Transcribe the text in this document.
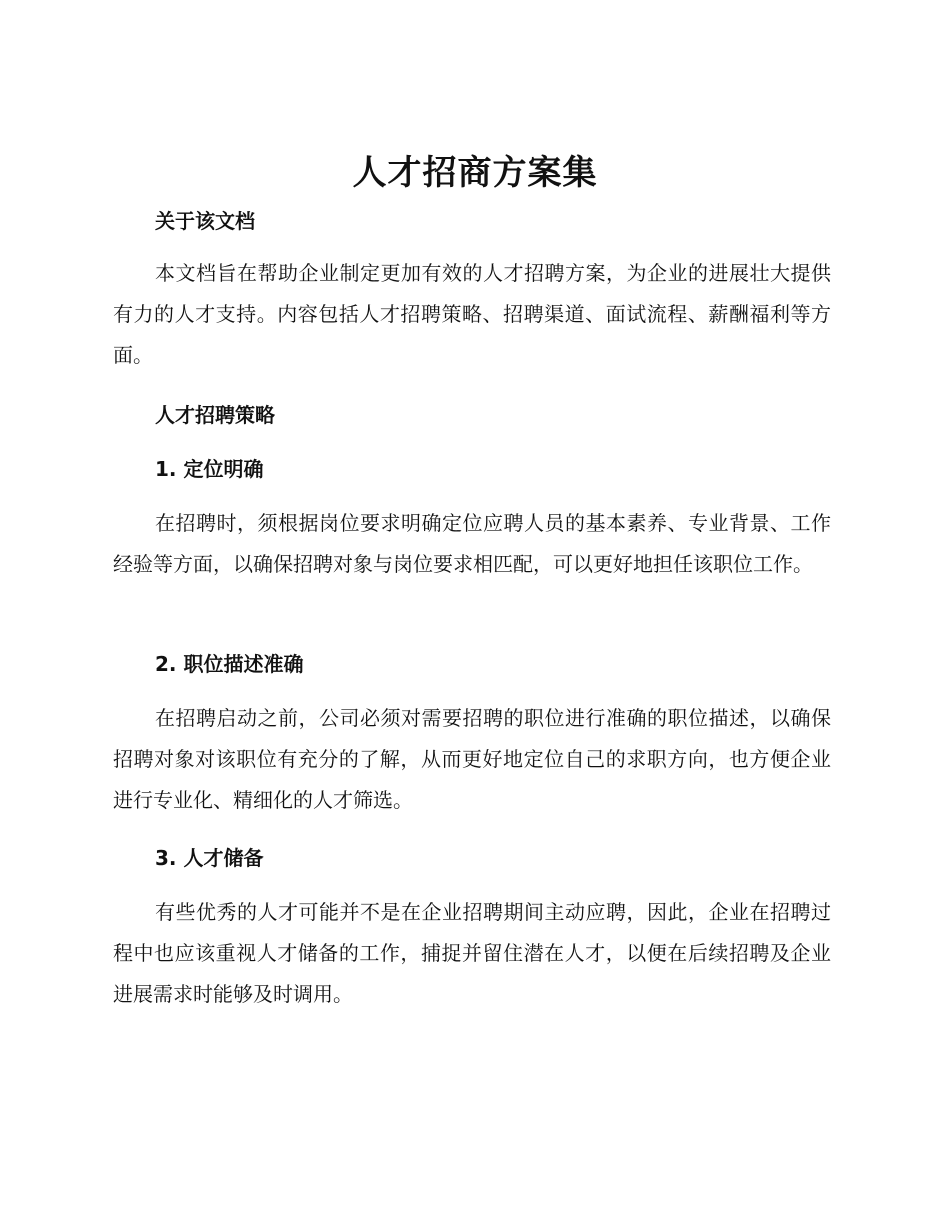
人才招商方案集
关于该文档

本文档旨在帮助企业制定更加有效的人才招聘方案，为企业的进展壮大提供有力的人才支持。内容包括人才招聘策略、招聘渠道、面试流程、薪酬福利等方面。

人才招聘策略
1. 定位明确

在招聘时，须根据岗位要求明确定位应聘人员的基本素养、专业背景、工作经验等方面，以确保招聘对象与岗位要求相匹配，可以更好地担任该职位工作。

2. 职位描述准确

在招聘启动之前，公司必须对需要招聘的职位进行准确的职位描述，以确保招聘对象对该职位有充分的了解，从而更好地定位自己的求职方向，也方便企业进行专业化、精细化的人才筛选。

3. 人才储备

有些优秀的人才可能并不是在企业招聘期间主动应聘，因此，企业在招聘过程中也应该重视人才储备的工作，捕捉并留住潜在人才，以便在后续招聘及企业进展需求时能够及时调用。
